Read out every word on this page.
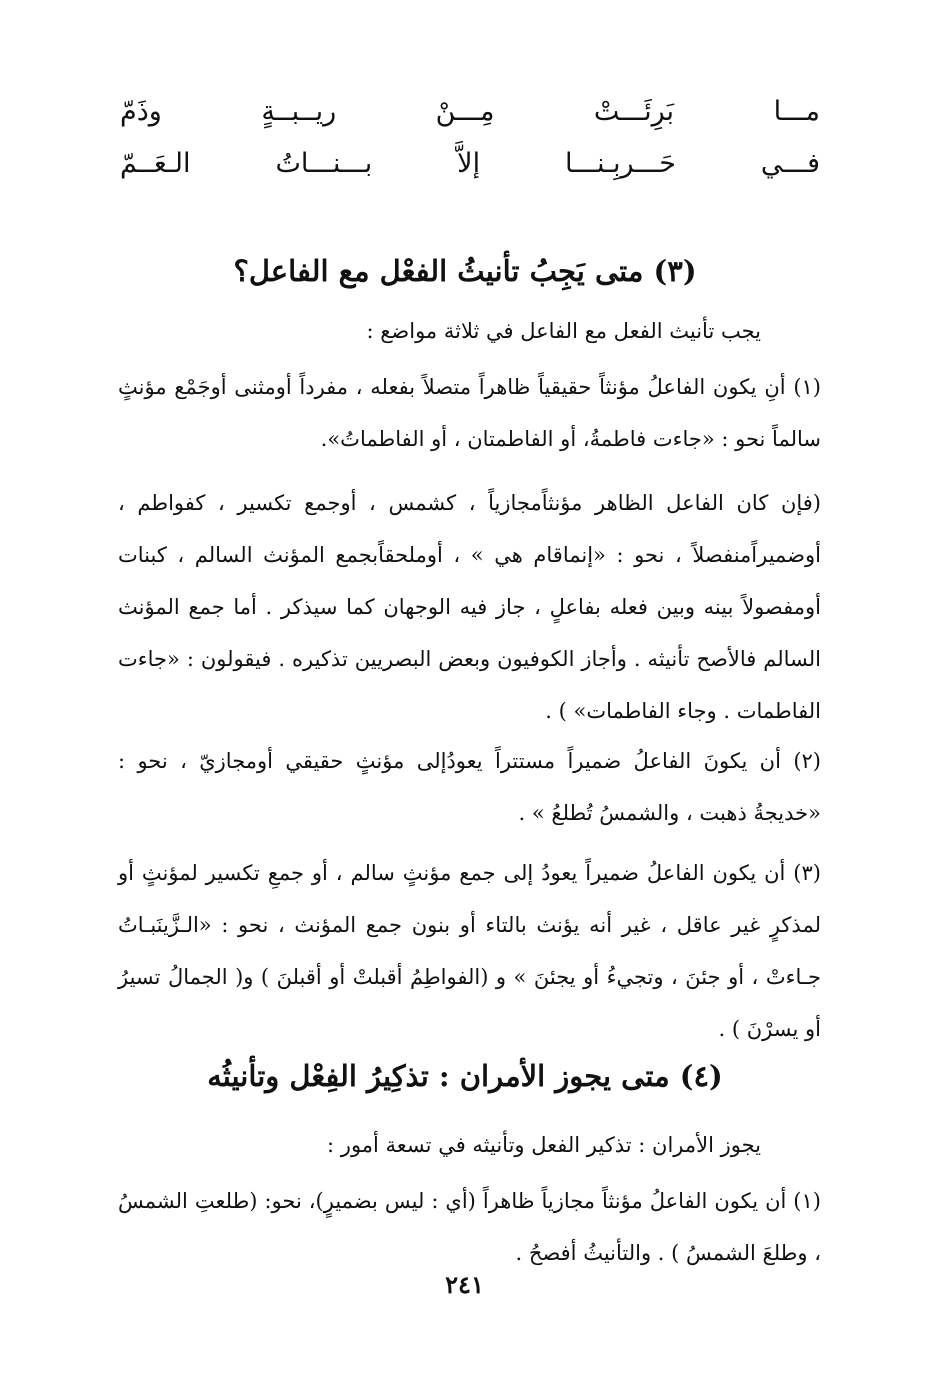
مـــا
بَرِئَـــتْ
مِـــنْ
ريــبــةٍ
وذَمّ
فـــي
حَـــربِـنـــا
إلاَّ
بـــنـــاتُ
الـعَــمّ
(٣) متى يَجِبُ تأنيثُ الفعْل مع الفاعل؟

يجب تأنيث الفعل مع الفاعل في ثلاثة مواضع :

(١) أنِ يكون الفاعلُ مؤنثاً حقيقياً ظاهراً متصلاً بفعله ، مفرداً أومثنى أوجَمْع مؤنثٍ سالماً نحو : «جاءت فاطمةُ، أو الفاطمتان ، أو الفاطماتُ».

(فإن كان الفاعل الظاهر مؤنثاًمجازياً ، كشمس ، أوجمع تكسير ، كفواطم ، أوضميراًمنفصلاً ، نحو : «إنماقام هي » ، أوملحقاًبجمع المؤنث السالم ، كبنات أومفصولاً بينه وبين فعله بفاعلٍ ، جاز فيه الوجهان كما سيذكر . أما جمع المؤنث السالم فالأصح تأنيثه . وأجاز الكوفيون وبعض البصريين تذكيره . فيقولون : «جاءت الفاطمات . وجاء الفاطمات» ) .

(٢) أن يكونَ الفاعلُ ضميراً مستتراً يعودُإلى مؤنثٍ حقيقي أومجازيّ ، نحو : «خديجةُ ذهبت ، والشمسُ تُطلعُ » .

(٣) أن يكون الفاعلُ ضميراً يعودُ إلى جمع مؤنثٍ سالم ، أو جمعِ تكسير لمؤنثٍ أو لمذكرٍ غير عاقل ، غير أنه يؤنث بالتاء أو بنون جمع المؤنث ، نحو : «الـزَّينَبـاتُ جـاءتْ ، أو جئنَ ، وتجيءُ أو يجئنَ » و (الفواطِمُ أقبلتْ أو أقبلنَ ) و( الجمالُ تسيرُ أو يسرْنَ ) .

(٤) متى يجوز الأمران : تذكِيرُ الفِعْل وتأنيثُه

يجوز الأمران : تذكير الفعل وتأنيثه في تسعة أمور :

(١) أن يكون الفاعلُ مؤنثاً مجازياً ظاهراً (أي : ليس بضميرٍ)، نحو: (طلعتِ الشمسُ ، وطلعَ الشمسُ ) . والتأنيثُ أفصحُ .

٢٤١
